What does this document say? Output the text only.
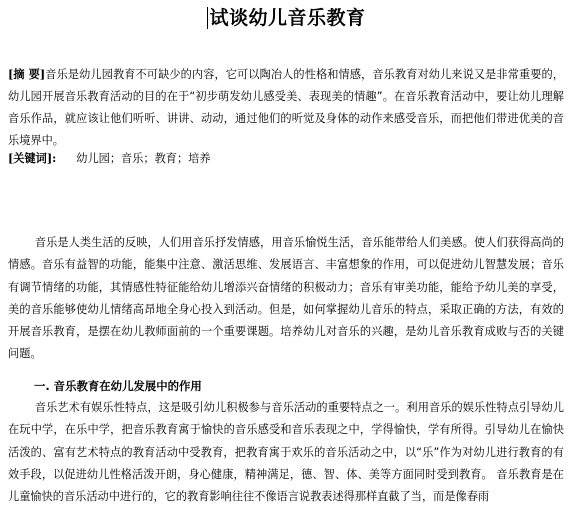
试谈幼儿音乐教育
[摘 要]音乐是幼儿园教育不可缺少的内容，它可以陶冶人的性格和情感，音乐教育对幼儿来说又是非常重要的，幼儿园开展音乐教育活动的目的在于“初步萌发幼儿感受美、表现美的情趣”。在音乐教育活动中，要让幼儿理解音乐作品，就应该让他们听听、讲讲、动动，通过他们的听觉及身体的动作来感受音乐，而把他们带进优美的音乐境界中。
[关键词]: 幼儿园；音乐；教育；培养
音乐是人类生活的反映，人们用音乐抒发情感，用音乐愉悦生活，音乐能带给人们美感。使人们获得高尚的情感。音乐有益智的功能，能集中注意、激活思维、发展语言、丰富想象的作用，可以促进幼儿智慧发展；音乐有调节情绪的功能，其情感性特征能给幼儿增添兴奋情绪的积极动力；音乐有审美功能，能给予幼儿美的享受，美的音乐能够使幼儿情绪高昂地全身心投入到活动。但是，如何掌握幼儿音乐的特点，采取正确的方法，有效的开展音乐教育，是摆在幼儿教师面前的一个重要课题。培养幼儿对音乐的兴趣，是幼儿音乐教育成败与否的关键问题。
一. 音乐教育在幼儿发展中的作用
音乐艺术有娱乐性特点，这是吸引幼儿积极参与音乐活动的重要特点之一。利用音乐的娱乐性特点引导幼儿在玩中学，在乐中学，把音乐教育寓于愉快的音乐感受和音乐表现之中，学得愉快，学有所得。引导幼儿在愉快活泼的、富有艺术特点的教育活动中受教育，把教育寓于欢乐的音乐活动之中，以“乐”作为对幼儿进行教育的有效手段，以促进幼儿性格活泼开朗，身心健康，精神满足，德、智、体、美等方面同时受到教育。 音乐教育是在儿童愉快的音乐活动中进行的，它的教育影响往往不像语言说教表述得那样直截了当，而是像春雨
